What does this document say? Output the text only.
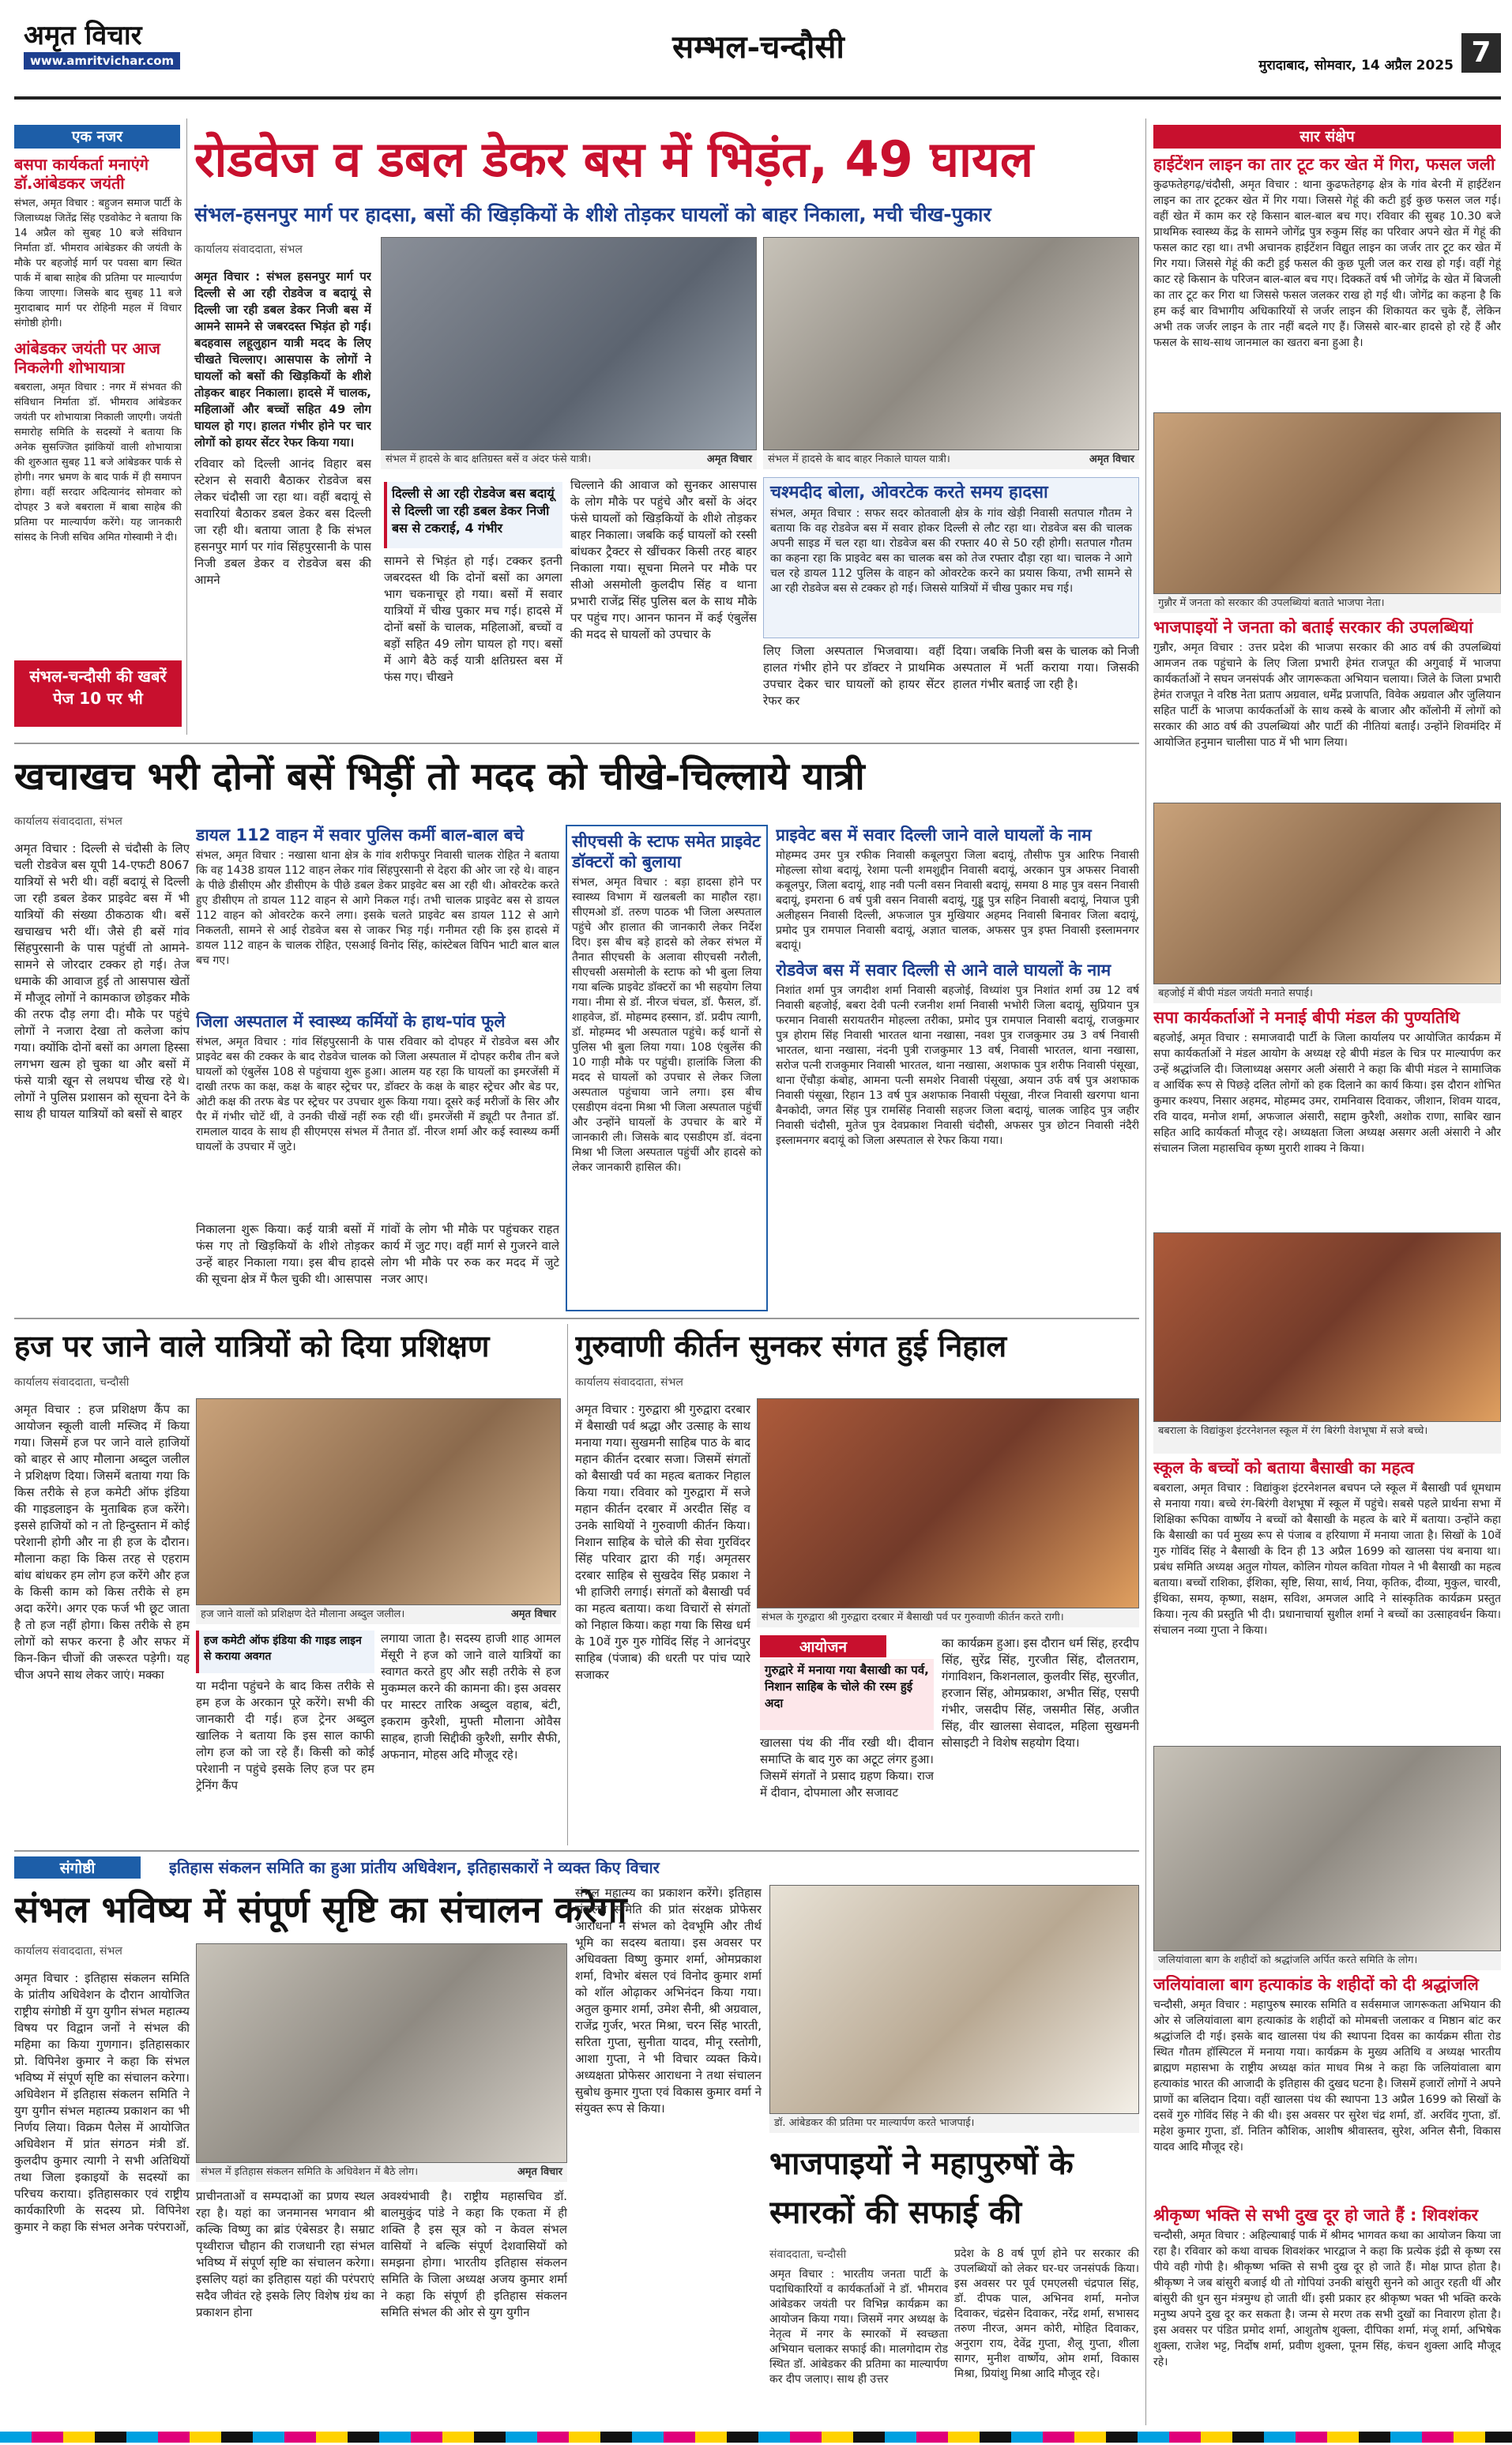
अमृत विचार
www.amritvichar.com	सम्भल-चन्दौसी	मुरादाबाद, सोमवार, 14 अप्रैल 2025 7
एक नजर
बसपा कार्यकर्ता मनाएंगे डॉ.आंबेडकर जयंती
संभल, अमृत विचार : बहुजन समाज पार्टी के जिलाध्यक्ष जितेंद्र सिंह एडवोकेट ने बताया कि 14 अप्रैल को सुबह 10 बजे संविधान निर्माता डॉ. भीमराव आंबेडकर की जयंती के मौके पर बहजोई मार्ग पर पवसा बाग स्थित पार्क में बाबा साहेब की प्रतिमा पर माल्यार्पण किया जाएगा। जिसके बाद सुबह 11 बजे मुरादाबाद मार्ग पर रोहिनी महल में विचार संगोष्ठी होगी।
आंबेडकर जयंती पर आज निकलेगी शोभायात्रा
बबराला, अमृत विचार : नगर में संभवत की संविधान निर्माता डॉ. भीमराव आंबेडकर जयंती पर शोभायात्रा निकाली जाएगी। जयंती समारोह समिति के सदस्यों ने बताया कि अनेक सुसज्जित झांकियों वाली शोभायात्रा की शुरुआत सुबह 11 बजे आंबेडकर पार्क से होगी। नगर भ्रमण के बाद पार्क में ही समापन होगा। वहीं सरदार अदित्यानंद सोमवार को दोपहर 3 बजे बबराला में बाबा साहेब की प्रतिमा पर माल्यार्पण करेंगे। यह जानकारी सांसद के निजी सचिव अमित गोस्वामी ने दी।
संभल-चन्दौसी की खबरें पेज 10 पर भी
रोडवेज व डबल डेकर बस में भिड़ंत, 49 घायल
संभल-हसनपुर मार्ग पर हादसा, बसों की खिड़कियों के शीशे तोड़कर घायलों को बाहर निकाला, मची चीख-पुकार
कार्यालय संवाददाता, संभल
अमृत विचार : संभल हसनपुर मार्ग पर दिल्ली से आ रही रोडवेज व बदायूं से दिल्ली जा रही डबल डेकर निजी बस में आमने सामने से जबरदस्त भिड़ंत हो गई। बदहवास लहूलुहान यात्री मदद के लिए चीखते चिल्लाए। आसपास के लोगों ने घायलों को बसों की खिड़कियों के शीशे तोड़कर बाहर निकाला। हादसे में चालक, महिलाओं और बच्चों सहित 49 लोग घायल हो गए। हालत गंभीर होने पर चार लोगों को हायर सेंटर रेफर किया गया।
रविवार को दिल्ली आनंद विहार बस स्टेशन से सवारी बैठाकर रोडवेज बस लेकर चंदौसी जा रहा था। वहीं बदायूं से सवारियां बैठाकर डबल डेकर बस दिल्ली जा रही थी। बताया जाता है कि संभल हसनपुर मार्ग पर गांव सिंहपुरसानी के पास निजी डबल डेकर व रोडवेज बस की आमने
संभल में हादसे के बाद क्षतिग्रस्त बसें व अंदर फंसे यात्री।	अमृत विचार	संभल में हादसे के बाद बाहर निकाले घायल यात्री।	अमृत विचार
दिल्ली से आ रही रोडवेज बस बदायूं से दिल्ली जा रही डबल डेकर निजी बस से टकराई, 4 गंभीर
सामने से भिड़ंत हो गई। टक्कर इतनी जबरदस्त थी कि दोनों बसों का अगला भाग चकनाचूर हो गया। बसों में सवार यात्रियों में चीख पुकार मच गई। हादसे में दोनों बसों के चालक, महिलाओं, बच्चों व बड़ों सहित 49 लोग घायल हो गए। बसों में आगे बैठे कई यात्री क्षतिग्रस्त बस में फंस गए। चीखने
चिल्लाने की आवाज को सुनकर आसपास के लोग मौके पर पहुंचे और बसों के अंदर फंसे घायलों को खिड़कियों के शीशे तोड़कर बाहर निकाला। जबकि कई घायलों को रस्सी बांधकर ट्रैक्टर से खींचकर किसी तरह बाहर निकाला गया। सूचना मिलने पर मौके पर सीओ असमोली कुलदीप सिंह व थाना प्रभारी राजेंद्र सिंह पुलिस बल के साथ मौके पर पहुंच गए। आनन फानन में कई एंबुलेंस की मदद से घायलों को उपचार के
लिए जिला अस्पताल भिजवाया। वहीं हालत गंभीर होने पर डॉक्टर ने प्राथमिक उपचार देकर चार घायलों को हायर सेंटर रेफर कर
दिया। जबकि निजी बस के चालक को निजी अस्पताल में भर्ती कराया गया। जिसकी हालत गंभीर बताई जा रही है।
चश्मदीद बोला, ओवरटेक करते समय हादसा
संभल, अमृत विचार : सफर सदर कोतवाली क्षेत्र के गांव खेड़ी निवासी सतपाल गौतम ने बताया कि वह रोडवेज बस में सवार होकर दिल्ली से लौट रहा था। रोडवेज बस की चालक अपनी साइड में चल रहा था। रोडवेज बस की रफ्तार 40 से 50 रही होगी। सतपाल गौतम का कहना रहा कि प्राइवेट बस का चालक बस को तेज रफ्तार दौड़ा रहा था। चालक ने आगे चल रहे डायल 112 पुलिस के वाहन को ओवरटेक करने का प्रयास किया, तभी सामने से आ रही रोडवेज बस से टक्कर हो गई। जिससे यात्रियों में चीख पुकार मच गई।
सार संक्षेप
हाईटेंशन लाइन का तार टूट कर खेत में गिरा, फसल जली
कुढफतेहगढ़/चंदौसी, अमृत विचार : थाना कुढफतेहगढ़ क्षेत्र के गांव बेरनी में हाईटेंशन लाइन का तार टूटकर खेत में गिर गया। जिससे गेहूं की कटी हुई कुछ फसल जल गई। वहीं खेत में काम कर रहे किसान बाल-बाल बच गए। रविवार की सुबह 10.30 बजे प्राथमिक स्वास्थ्य केंद्र के सामने जोगेंद्र पुत्र रुकुम सिंह का परिवार अपने खेत में गेहूं की फसल काट रहा था। तभी अचानक हाईटेंशन विद्युत लाइन का जर्जर तार टूट कर खेत में गिर गया। जिससे गेहूं की कटी हुई फसल की कुछ पूली जल कर राख हो गई। वहीं गेहूं काट रहे किसान के परिजन बाल-बाल बच गए। दिक्कतें वर्ष भी जोगेंद्र के खेत में बिजली का तार टूट कर गिरा था जिससे फसल जलकर राख हो गई थी। जोगेंद्र का कहना है कि हम कई बार विभागीय अधिकारियों से जर्जर लाइन की शिकायत कर चुके हैं, लेकिन अभी तक जर्जर लाइन के तार नहीं बदले गए हैं। जिससे बार-बार हादसे हो रहे हैं और फसल के साथ-साथ जानमाल का खतरा बना हुआ है।
गुन्नौर में जनता को सरकार की उपलब्धियां बताते भाजपा नेता।
भाजपाइयों ने जनता को बताई सरकार की उपलब्धियां
गुन्नौर, अमृत विचार : उत्तर प्रदेश की भाजपा सरकार की आठ वर्ष की उपलब्धियां आमजन तक पहुंचाने के लिए जिला प्रभारी हेमंत राजपूत की अगुवाई में भाजपा कार्यकर्ताओं ने सघन जनसंपर्क और जागरूकता अभियान चलाया। जिले के जिला प्रभारी हेमंत राजपूत ने वरिष्ठ नेता प्रताप अग्रवाल, धर्मेंद्र प्रजापति, विवेक अग्रवाल और जुलियान सहित पार्टी के भाजपा कार्यकर्ताओं के साथ कस्बे के बाजार और कॉलोनी में लोगों को सरकार की आठ वर्ष की उपलब्धियां और पार्टी की नीतियां बताईं। उन्होंने शिवमंदिर में आयोजित हनुमान चालीसा पाठ में भी भाग लिया।
बहजोई में बीपी मंडल जयंती मनाते सपाई।
सपा कार्यकर्ताओं ने मनाई बीपी मंडल की पुण्यतिथि
बहजोई, अमृत विचार : समाजवादी पार्टी के जिला कार्यालय पर आयोजित कार्यक्रम में सपा कार्यकर्ताओं ने मंडल आयोग के अध्यक्ष रहे बीपी मंडल के चित्र पर माल्यार्पण कर उन्हें श्रद्धांजलि दी। जिलाध्यक्ष असगर अली अंसारी ने कहा कि बीपी मंडल ने सामाजिक व आर्थिक रूप से पिछड़े दलित लोगों को हक दिलाने का कार्य किया। इस दौरान शोभित कुमार कश्यप, निसार अहमद, मोहम्मद उमर, रामनिवास दिवाकर, जीशान, शिवम यादव, रवि यादव, मनोज शर्मा, अफजाल अंसारी, सद्दाम कुरैशी, अशोक राणा, साबिर खान सहित आदि कार्यकर्ता मौजूद रहे। अध्यक्षता जिला अध्यक्ष असगर अली अंसारी ने और संचालन जिला महासचिव कृष्ण मुरारी शाक्य ने किया।
बबराला के विद्यांकुश इंटरनेशनल स्कूल में रंग बिरंगी वेशभूषा में सजे बच्चे।
स्कूल के बच्चों को बताया बैसाखी का महत्व
बबराला, अमृत विचार : विद्यांकुश इंटरनेशनल बचपन प्ले स्कूल में बैसाखी पर्व धूमधाम से मनाया गया। बच्चे रंग-बिरंगी वेशभूषा में स्कूल में पहुंचे। सबसे पहले प्रार्थना सभा में शिक्षिका रूपिका वार्ष्णेय ने बच्चों को बैसाखी के महत्व के बारे में बताया। उन्होंने कहा कि बैसाखी का पर्व मुख्य रूप से पंजाब व हरियाणा में मनाया जाता है। सिखों के 10वें गुरु गोविंद सिंह ने बैसाखी के दिन ही 13 अप्रैल 1699 को खालसा पंथ बनाया था। प्रबंध समिति अध्यक्ष अतुल गोयल, कोलिन गोयल कविता गोयल ने भी बैसाखी का महत्व बताया। बच्चों राशिका, ईशिका, सृष्टि, सिया, सार्थ, निया, कृतिक, दीव्या, मुकुल, चारवी, ईथिका, समय, कृष्णा, सक्षम, सविश, अमजल आदि ने सांस्कृतिक कार्यक्रम प्रस्तुत किया। नृत्य की प्रस्तुति भी दी। प्रधानाचार्या सुशील शर्मा ने बच्चों का उत्साहवर्धन किया। संचालन नव्या गुप्ता ने किया।
जलियांवाला बाग के शहीदों को श्रद्धांजलि अर्पित करते समिति के लोग।
जलियांवाला बाग हत्याकांड के शहीदों को दी श्रद्धांजलि
चन्दौसी, अमृत विचार : महापुरुष स्मारक समिति व सर्वसमाज जागरूकता अभियान की ओर से जलियांवाला बाग हत्याकांड के शहीदों को मोमबत्ती जलाकर व मिष्ठान बांट कर श्रद्धांजलि दी गई। इसके बाद खालसा पंथ की स्थापना दिवस का कार्यक्रम सीता रोड स्थित गौतम हॉस्पिटल में मनाया गया। कार्यक्रम के मुख्य अतिथि व अध्यक्ष भारतीय ब्राह्मण महासभा के राष्ट्रीय अध्यक्ष कांत माधव मिश्र ने कहा कि जलियांवाला बाग हत्याकांड भारत की आजादी के इतिहास की दुखद घटना है। जिसमें हजारों लोगों ने अपने प्राणों का बलिदान दिया। वहीं खालसा पंथ की स्थापना 13 अप्रैल 1699 को सिखों के दसवें गुरु गोविंद सिंह ने की थी। इस अवसर पर सुरेश चंद्र शर्मा, डॉ. अरविंद गुप्ता, डॉ. महेश कुमार गुप्ता, डॉ. नितिन कौशिक, आशीष श्रीवास्तव, सुरेश, अनिल सैनी, विकास यादव आदि मौजूद रहे।
श्रीकृष्ण भक्ति से सभी दुख दूर हो जाते हैं : शिवशंकर
चन्दौसी, अमृत विचार : अहिल्याबाई पार्क में श्रीमद भागवत कथा का आयोजन किया जा रहा है। रविवार को कथा वाचक शिवशंकर भारद्वाज ने कहा कि प्रत्येक इंद्री से कृष्ण रस पीये वही गोपी है। श्रीकृष्ण भक्ति से सभी दुख दूर हो जाते हैं। मोक्ष प्राप्त होता है। श्रीकृष्ण ने जब बांसुरी बजाई थी तो गोपियां उनकी बांसुरी सुनने को आतुर रहती थीं और बांसुरी की धुन सुन मंत्रमुग्ध हो जाती थीं। इसी प्रकार हर श्रीकृष्ण भक्त भी भक्ति करके मनुष्य अपने दुख दूर कर सकता है। जन्म से मरण तक सभी दुखों का निवारण होता है। इस अवसर पर पंडित प्रमोद शर्मा, आशुतोष शुक्ला, दीपिका शर्मा, मंजू शर्मा, अभिषेक शुक्ला, राजेश भट्ट, निर्दोष शर्मा, प्रवीण शुक्ला, पूनम सिंह, कंचन शुक्ला आदि मौजूद रहे।
खचाखच भरी दोनों बसें भिड़ीं तो मदद को चीखे-चिल्लाये यात्री
कार्यालय संवाददाता, संभल
अमृत विचार : दिल्ली से चंदौसी के लिए चली रोडवेज बस यूपी 14-एफटी 8067 यात्रियों से भरी थी। वहीं बदायूं से दिल्ली जा रही डबल डेकर प्राइवेट बस में भी यात्रियों की संख्या ठीकठाक थी। बसें खचाखच भरी थीं। जैसे ही बसें गांव सिंहपुरसानी के पास पहुंचीं तो आमने-सामने से जोरदार टक्कर हो गई। तेज धमाके की आवाज हुई तो आसपास खेतों में मौजूद लोगों ने कामकाज छोड़कर मौके की तरफ दौड़ लगा दी। मौके पर पहुंचे लोगों ने नजारा देखा तो कलेजा कांप गया। क्योंकि दोनों बसों का अगला हिस्सा लगभग खत्म हो चुका था और बसों में फंसे यात्री खून से लथपथ चीख रहे थे। लोगों ने पुलिस प्रशासन को सूचना देने के साथ ही घायल यात्रियों को बसों से बाहर
डायल 112 वाहन में सवार पुलिस कर्मी बाल-बाल बचे
संभल, अमृत विचार : नखासा थाना क्षेत्र के गांव शरीफपुर निवासी चालक रोहित ने बताया कि वह 1438 डायल 112 वाहन लेकर गांव सिंहपुरसानी से देहरा की ओर जा रहे थे। वाहन के पीछे डीसीएम और डीसीएम के पीछे डबल डेकर प्राइवेट बस आ रही थी। ओवरटेक करते हुए डीसीएम तो डायल 112 वाहन से आगे निकल गई। तभी चालक प्राइवेट बस से डायल 112 वाहन को ओवरटेक करने लगा। इसके चलते प्राइवेट बस डायल 112 से आगे निकलती, सामने से आई रोडवेज बस से जाकर भिड़ गई। गनीमत रही कि इस हादसे में डायल 112 वाहन के चालक रोहित, एसआई विनोद सिंह, कांस्टेबल विपिन भाटी बाल बाल बच गए।
जिला अस्पताल में स्वास्थ्य कर्मियों के हाथ-पांव फूले
संभल, अमृत विचार : गांव सिंहपुरसानी के पास रविवार को दोपहर में रोडवेज बस और प्राइवेट बस की टक्कर के बाद रोडवेज चालक को जिला अस्पताल में दोपहर करीब तीन बजे घायलों को एंबुलेंस 108 से पहुंचाया शुरू हुआ। आलम यह रहा कि घायलों का इमरजेंसी में दाखी तरफ का कक्ष, कक्ष के बाहर स्ट्रेचर पर, डॉक्टर के कक्ष के बाहर स्ट्रेचर और बेड पर, ओटी कक्ष की तरफ बेड पर स्ट्रेचर पर उपचार शुरू किया गया। दूसरे कई मरीजों के सिर और पैर में गंभीर चोटें थीं, वे उनकी चीखें नहीं रुक रही थीं। इमरजेंसी में ड्यूटी पर तैनात डॉ. रामलाल यादव के साथ ही सीएमएस संभल में तैनात डॉ. नीरज शर्मा और कई स्वास्थ्य कर्मी घायलों के उपचार में जुटे।
निकालना शुरू किया। कई यात्री बसों में फंस गए तो खिड़कियों के शीशे तोड़कर उन्हें बाहर निकाला गया। इस बीच हादसे की सूचना क्षेत्र में फैल चुकी थी। आसपास
गांवों के लोग भी मौके पर पहुंचकर राहत कार्य में जुट गए। वहीं मार्ग से गुजरने वाले लोग भी मौके पर रुक कर मदद में जुटे नजर आए।
सीएचसी के स्टाफ समेत प्राइवेट डॉक्टरों को बुलाया
संभल, अमृत विचार : बड़ा हादसा होने पर स्वास्थ्य विभाग में खलबली का माहौल रहा। सीएमओ डॉ. तरुण पाठक भी जिला अस्पताल पहुंचे और हालात की जानकारी लेकर निर्देश दिए। इस बीच बड़े हादसे को लेकर संभल में तैनात सीएचसी के अलावा सीएचसी नरौली, सीएचसी असमोली के स्टाफ को भी बुला लिया गया बल्कि प्राइवेट डॉक्टरों का भी सहयोग लिया गया। नीमा से डॉ. नीरज चंचल, डॉ. फैसल, डॉ. शाहवेज, डॉ. मोहम्मद हस्सान, डॉ. प्रदीप त्यागी, डॉ. मोहम्मद भी अस्पताल पहुंचे। कई थानों से पुलिस भी बुला लिया गया। 108 एंबुलेंस की 10 गाड़ी मौके पर पहुंची। हालांकि जिला की मदद से घायलों को उपचार से लेकर जिला अस्पताल पहुंचाया जाने लगा। इस बीच एसडीएम वंदना मिश्रा भी जिला अस्पताल पहुंचीं और उन्होंने घायलों के उपचार के बारे में जानकारी ली। जिसके बाद एसडीएम डॉ. वंदना मिश्रा भी जिला अस्पताल पहुंचीं और हादसे को लेकर जानकारी हासिल की।
प्राइवेट बस में सवार दिल्ली जाने वाले घायलों के नाम
मोहम्मद उमर पुत्र रफीक निवासी कबूलपुरा जिला बदायूं, तौसीफ पुत्र आरिफ निवासी मोहल्ला सोथा बदायूं, रेशमा पत्नी शमशुद्दीन निवासी बदायूं, अरकान पुत्र अफसर निवासी कबूलपुर, जिला बदायूं, शाह नवी पत्नी वसन निवासी बदायूं, समया 8 माह पुत्र वसन निवासी बदायूं, इमराना 6 वर्ष पुत्री वसन निवासी बदायूं, गुड्डू पुत्र सहिन निवासी बदायूं, नियाज पुत्री अलीहसन निवासी दिल्ली, अफजाल पुत्र मुखियार अहमद निवासी बिनावर जिला बदायूं, प्रमोद पुत्र रामपाल निवासी बदायूं, अज्ञात चालक, अफसर पुत्र इफ्त निवासी इस्लामनगर बदायूं।
रोडवेज बस में सवार दिल्ली से आने वाले घायलों के नाम
निशांत शर्मा पुत्र जगदीश शर्मा निवासी बहजोई, विध्यांश पुत्र निशांत शर्मा उम्र 12 वर्ष निवासी बहजोई, बबरा देवी पत्नी रजनीश शर्मा निवासी भभोरी जिला बदायूं, सुप्रियान पुत्र फरमान निवासी सरायतरीन मोहल्ला तरीका, प्रमोद पुत्र रामपाल निवासी बदायूं, राजकुमार पुत्र होराम सिंह निवासी भारतल थाना नखासा, नवश पुत्र राजकुमार उम्र 3 वर्ष निवासी भारतल, थाना नखासा, नंदनी पुत्री राजकुमार 13 वर्ष, निवासी भारतल, थाना नखासा, सरोज पत्नी राजकुमार निवासी भारतल, थाना नखासा, अशफाक पुत्र शरीफ निवासी पंसूखा, थाना ऐंचौड़ा कंबोह, आमना पत्नी समशेर निवासी पंसूखा, अयान उर्फ वर्ष पुत्र अशफाक निवासी पंसूखा, रिहान 13 वर्ष पुत्र अशफाक निवासी पंसूखा, नीरज निवासी खरगपा थाना बैनकोदी, जगत सिंह पुत्र रामसिंह निवासी सहजर जिला बदायूं, चालक जाहिद पुत्र जहीर निवासी चंदौसी, मुतेज पुत्र देवप्रकाश निवासी चंदौसी, अफसर पुत्र छोटन निवासी नंदैरी इस्लामनगर बदायूं को जिला अस्पताल से रेफर किया गया।
हज पर जाने वाले यात्रियों को दिया प्रशिक्षण
कार्यालय संवाददाता, चन्दौसी
अमृत विचार : हज प्रशिक्षण कैंप का आयोजन स्कूली वाली मस्जिद में किया गया। जिसमें हज पर जाने वाले हाजियों को बाहर से आए मौलाना अब्दुल जलील ने प्रशिक्षण दिया। जिसमें बताया गया कि किस तरीके से हज कमेटी ऑफ इंडिया की गाइडलाइन के मुताबिक हज करेंगे। इससे हाजियों को न तो हिन्दुस्तान में कोई परेशानी होगी और ना ही हज के दौरान। मौलाना कहा कि किस तरह से एहराम बांध बांधकर हम लोग हज करेंगे और हज के किसी काम को किस तरीके से हम अदा करेंगे। अगर एक फर्ज भी छूट जाता है तो हज नहीं होगा। किस तरीके से हम लोगों को सफर करना है और सफर में किन-किन चीजों की जरूरत पड़ेगी। यह चीज अपने साथ लेकर जाएं। मक्का
हज जाने वालों को प्रशिक्षण देते मौलाना अब्दुल जलील।	अमृत विचार
हज कमेटी ऑफ इंडिया की गाइड लाइन से कराया अवगत
या मदीना पहुंचने के बाद किस तरीके से हम हज के अरकान पूरे करेंगे। सभी की जानकारी दी गई। हज ट्रेनर अब्दुल खालिक ने बताया कि इस साल काफी लोग हज को जा रहे हैं। किसी को कोई परेशानी न पहुंचे इसके लिए हज पर हम ट्रेनिंग कैंप
लगाया जाता है। सदस्य हाजी शाह आमल मेंसूरी ने हज को जाने वाले यात्रियों का स्वागत करते हुए और सही तरीके से हज मुकम्मल करने की कामना की। इस अवसर पर मास्टर तारिक अब्दुल वहाब, बंटी, इकराम कुरैशी, मुफ्ती मौलाना ओवैस साहब, हाजी सिद्दीकी कुरैशी, सगीर सैफी, अफनान, मोहस अदि मौजूद रहे।
गुरुवाणी कीर्तन सुनकर संगत हुई निहाल
कार्यालय संवाददाता, संभल
अमृत विचार : गुरुद्वारा श्री गुरुद्वारा दरबार में बैसाखी पर्व श्रद्धा और उत्साह के साथ मनाया गया। सुखमनी साहिब पाठ के बाद महान कीर्तन दरबार सजा। जिसमें संगतों को बैसाखी पर्व का महत्व बताकर निहाल किया गया। रविवार को गुरुद्वारा में सजे महान कीर्तन दरबार में अरदीत सिंह व उनके साथियों ने गुरुवाणी कीर्तन किया। निशान साहिब के चोले की सेवा गुरविंदर सिंह परिवार द्वारा की गई। अमृतसर दरबार साहिब से सुखदेव सिंह प्रकाश ने भी हाजिरी लगाई। संगतों को बैसाखी पर्व का महत्व बताया। कथा विचारों से संगतों को निहाल किया। कहा गया कि सिख धर्म के 10वें गुरु गुरु गोविंद सिंह ने आनंदपुर साहिब (पंजाब) की धरती पर पांच प्यारे सजाकर
संभल के गुरुद्वारा श्री गुरुद्वारा दरबार में बैसाखी पर्व पर गुरुवाणी कीर्तन करते रागी।
आयोजन
गुरुद्वारे में मनाया गया बैसाखी का पर्व, निशान साहिब के चोले की रस्म हुई अदा
खालसा पंथ की नींव रखी थी। दीवान समाप्ति के बाद गुरु का अटूट लंगर हुआ। जिसमें संगतों ने प्रसाद ग्रहण किया। राज में दीवान, दोपमाला और सजावट
का कार्यक्रम हुआ। इस दौरान धर्म सिंह, हरदीप सिंह, सुरेंद्र सिंह, गुरजीत सिंह, दौलतराम, गंगाविशन, किशनलाल, कुलवीर सिंह, सुरजीत, हरजान सिंह, ओमप्रकाश, अभीत सिंह, एसपी गंभीर, जसदीप सिंह, जसमीत सिंह, अजीत सिंह, वीर खालसा सेवादल, महिला सुखमनी सोसाइटी ने विशेष सहयोग दिया।
संगोष्ठी	इतिहास संकलन समिति का हुआ प्रांतीय अधिवेशन, इतिहासकारों ने व्यक्त किए विचार
संभल भविष्य में संपूर्ण सृष्टि का संचालन करेगा
कार्यालय संवाददाता, संभल
अमृत विचार : इतिहास संकलन समिति के प्रांतीय अधिवेशन के दौरान आयोजित राष्ट्रीय संगोष्ठी में युग युगीन संभल महात्म्य विषय पर विद्वान जनों ने संभल की महिमा का किया गुणगान। इतिहासकार प्रो. विपिनेश कुमार ने कहा कि संभल भविष्य में संपूर्ण सृष्टि का संचालन करेगा। अधिवेशन में इतिहास संकलन समिति ने युग युगीन संभल महात्म्य प्रकाशन का भी निर्णय लिया। विक्रम पैलेस में आयोजित अधिवेशन में प्रांत संगठन मंत्री डॉ. कुलदीप कुमार त्यागी ने सभी अतिथियों तथा जिला इकाइयों के सदस्यों का परिचय कराया। इतिहासकार एवं राष्ट्रीय कार्यकारिणी के सदस्य प्रो. विपिनेश कुमार ने कहा कि संभल अनेक परंपराओं,
संभल में इतिहास संकलन समिति के अधिवेशन में बैठे लोग।	अमृत विचार
प्राचीनताओं व सम्पदाओं का प्रणय स्थल रहा है। यहां का जनमानस भगवान श्री कल्कि विष्णु का ब्रांड एंबेसडर है। सम्राट पृथ्वीराज चौहान की राजधानी रहा संभल भविष्य में संपूर्ण सृष्टि का संचालन करेगा। इसलिए यहां का इतिहास यहां की परंपराएं सदैव जीवंत रहे इसके लिए विशेष ग्रंथ का प्रकाशन होना
अवश्यंभावी है। राष्ट्रीय महासचिव डॉ. बालमुकुंद पांडे ने कहा कि एकता में ही शक्ति है इस सूत्र को न केवल संभल वासियों ने बल्कि संपूर्ण देशवासियों को समझना होगा। भारतीय इतिहास संकलन समिति के जिला अध्यक्ष अजय कुमार शर्मा ने कहा कि संपूर्ण ही इतिहास संकलन समिति संभल की ओर से युग युगीन
संभल महात्म्य का प्रकाशन करेंगे। इतिहास संकलन समिति की प्रांत संरक्षक प्रोफेसर आराधना ने संभल को देवभूमि और तीर्थ भूमि का सदस्य बताया। इस अवसर पर अधिवक्ता विष्णु कुमार शर्मा, ओमप्रकाश शर्मा, विभोर बंसल एवं विनोद कुमार शर्मा को शॉल ओढ़ाकर अभिनंदन किया गया। अतुल कुमार शर्मा, उमेश सैनी, श्री अग्रवाल, राजेंद्र गुर्जर, भरत मिश्रा, चरन सिंह भारती, सरिता गुप्ता, सुनीता यादव, मीनू रस्तोगी, आशा गुप्ता, ने भी विचार व्यक्त किये। अध्यक्षता प्रोफेसर आराधना ने तथा संचालन सुबोध कुमार गुप्ता एवं विकास कुमार वर्मा ने संयुक्त रूप से किया।
डॉ. आंबेडकर की प्रतिमा पर माल्यार्पण करते भाजपाई।
भाजपाइयों ने महापुरुषों के स्मारकों की सफाई की
संवाददाता, चन्दौसी
अमृत विचार : भारतीय जनता पार्टी के पदाधिकारियों व कार्यकर्ताओं ने डॉ. भीमराव आंबेडकर जयंती पर विभिन्न कार्यक्रम का आयोजन किया गया। जिसमें नगर अध्यक्ष के नेतृत्व में नगर के स्मारकों में स्वच्छता अभियान चलाकर सफाई की। मालगोदाम रोड स्थित डॉ. आंबेडकर की प्रतिमा का माल्यार्पण कर दीप जलाए। साथ ही उत्तर
प्रदेश के 8 वर्ष पूर्ण होने पर सरकार की उपलब्धियों को लेकर घर-घर जनसंपर्क किया। इस अवसर पर पूर्व एमएलसी चंद्रपाल सिंह, डॉ. दीपक पाल, अभिनव शर्मा, मनोज दिवाकर, चंद्रसेन दिवाकर, नरेंद्र शर्मा, सभासद तरुण नीरज, अमन कोरी, मोहित दिवाकर, अनुराग राय, देवेंद्र गुप्ता, शैलू गुप्ता, शीला सागर, मुनीश वार्ष्णेय, ओम शर्मा, विकास मिश्रा, प्रियांशु मिश्रा आदि मौजूद रहे।
